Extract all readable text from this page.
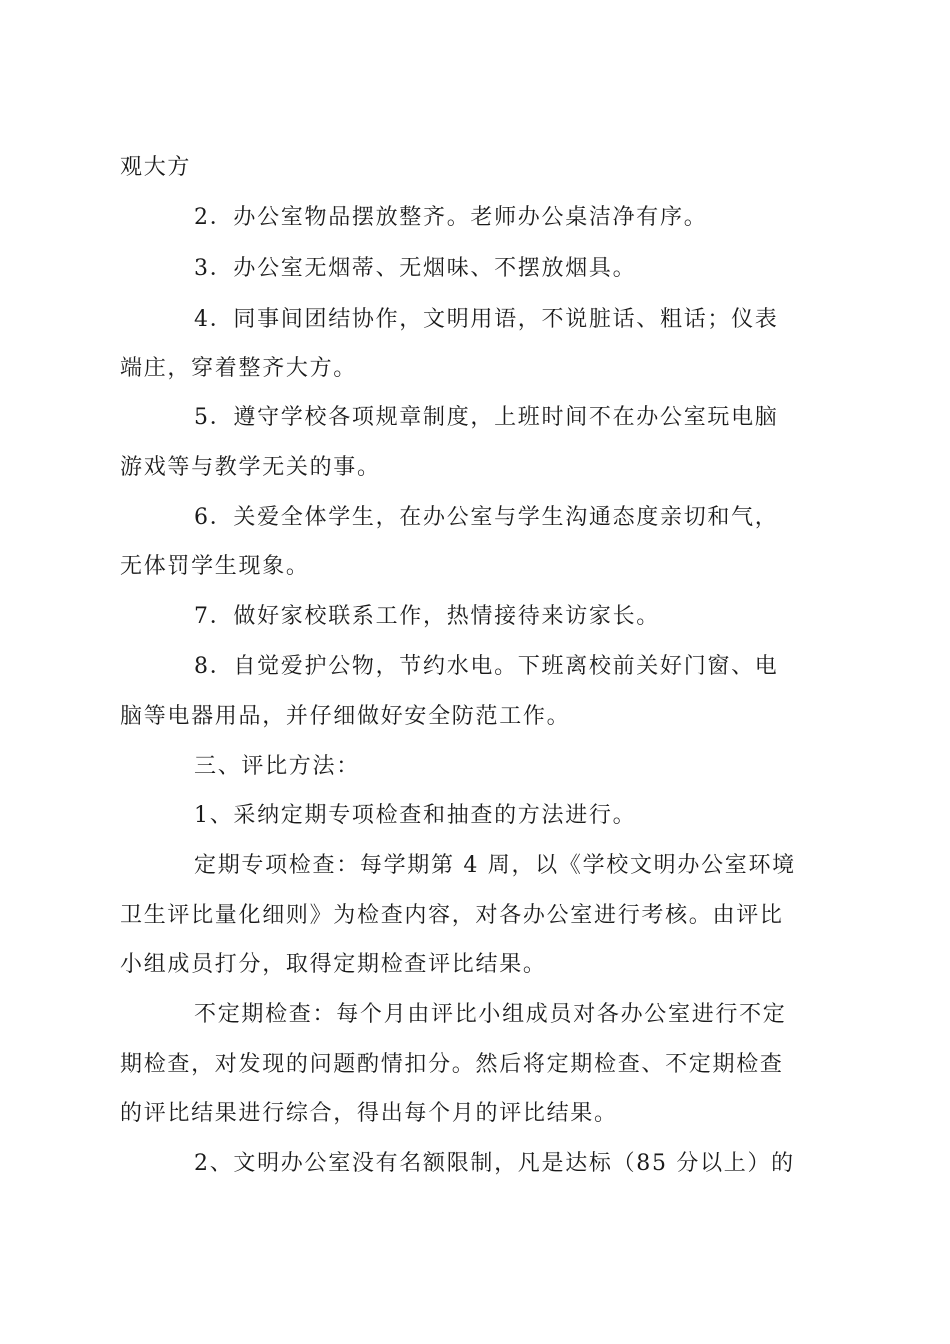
观大方
2．办公室物品摆放整齐。老师办公桌洁净有序。
3．办公室无烟蒂、无烟味、不摆放烟具。
4．同事间团结协作，文明用语，不说脏话、粗话；仪表
端庄，穿着整齐大方。
5．遵守学校各项规章制度，上班时间不在办公室玩电脑
游戏等与教学无关的事。
6．关爱全体学生，在办公室与学生沟通态度亲切和气，
无体罚学生现象。
7．做好家校联系工作，热情接待来访家长。
8．自觉爱护公物，节约水电。下班离校前关好门窗、电
脑等电器用品，并仔细做好安全防范工作。
三、评比方法：
1、采纳定期专项检查和抽查的方法进行。
定期专项检查：每学期第 4 周，以《学校文明办公室环境
卫生评比量化细则》为检查内容，对各办公室进行考核。由评比
小组成员打分，取得定期检查评比结果。
不定期检查：每个月由评比小组成员对各办公室进行不定
期检查，对发现的问题酌情扣分。然后将定期检查、不定期检查
的评比结果进行综合，得出每个月的评比结果。
2、文明办公室没有名额限制，凡是达标（85 分以上）的
